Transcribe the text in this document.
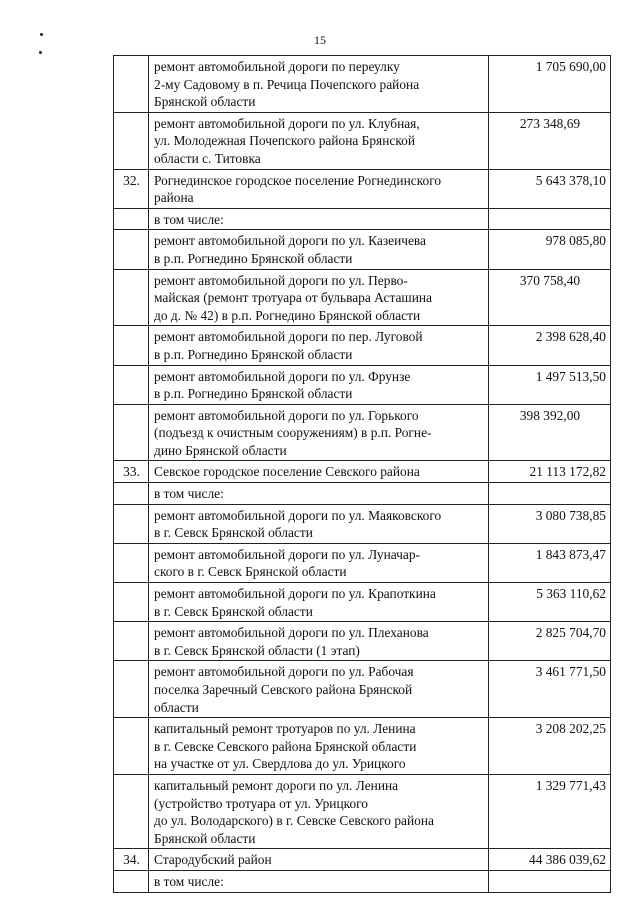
15
	ремонт автомобильной дороги по переулку
2-му Садовому в п. Речица Почепского района
Брянской области	1 705 690,00
	ремонт автомобильной дороги по ул. Клубная,
ул. Молодежная Почепского района Брянской
области с. Титовка	273 348,69
32.	Рогнединское городское поселение Рогнединского
района	5 643 378,10
	в том числе:	
	ремонт автомобильной дороги по ул. Казеичева
в р.п. Рогнедино Брянской области	978 085,80
	ремонт автомобильной дороги по ул. Перво-
майская (ремонт тротуара от бульвара Асташина
до д. № 42) в р.п. Рогнедино Брянской области	370 758,40
	ремонт автомобильной дороги по пер. Луговой
в р.п. Рогнедино Брянской области	2 398 628,40
	ремонт автомобильной дороги по ул. Фрунзе
в р.п. Рогнедино Брянской области	1 497 513,50
	ремонт автомобильной дороги по ул. Горького
(подъезд к очистным сооружениям) в р.п. Рогне-
дино Брянской области	398 392,00
33.	Севское городское поселение Севского района	21 113 172,82
	в том числе:	
	ремонт автомобильной дороги по ул. Маяковского
в г. Севск Брянской области	3 080 738,85
	ремонт автомобильной дороги по ул. Луначар-
ского в г. Севск Брянской области	1 843 873,47
	ремонт автомобильной дороги по ул. Крапоткина
в г. Севск Брянской области	5 363 110,62
	ремонт автомобильной дороги по ул. Плеханова
в г. Севск Брянской области (1 этап)	2 825 704,70
	ремонт автомобильной дороги по ул. Рабочая
поселка Заречный Севского района Брянской
области	3 461 771,50
	капитальный ремонт тротуаров по ул. Ленина
в г. Севске Севского района Брянской области
на участке от ул. Свердлова до ул. Урицкого	3 208 202,25
	капитальный ремонт дороги по ул. Ленина
(устройство тротуара от ул. Урицкого
до ул. Володарского) в г. Севске Севского района
Брянской области	1 329 771,43
34.	Стародубский район	44 386 039,62
	в том числе:	
